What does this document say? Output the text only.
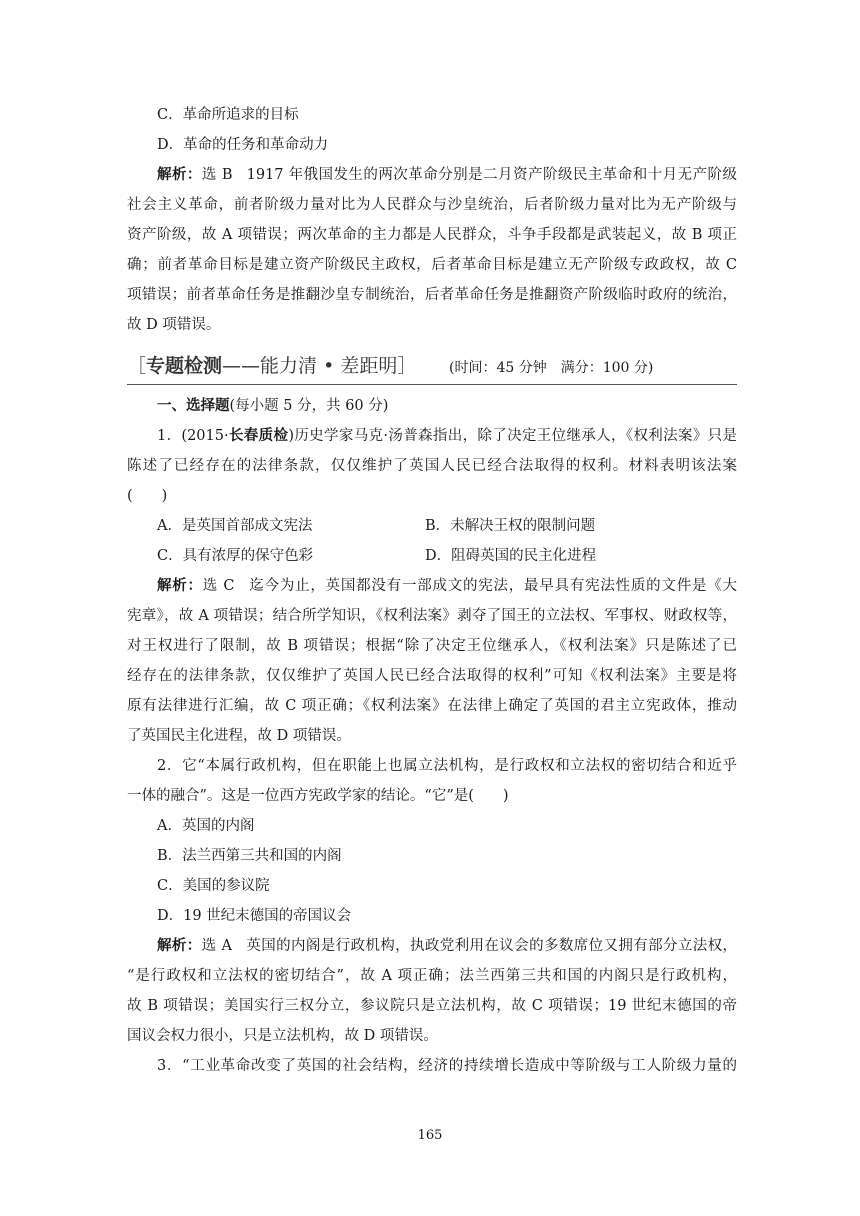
C．革命所追求的目标
D．革命的任务和革命动力
解析：选 B 1917 年俄国发生的两次革命分别是二月资产阶级民主革命和十月无产阶级
社会主义革命，前者阶级力量对比为人民群众与沙皇统治，后者阶级力量对比为无产阶级与
资产阶级，故 A 项错误；两次革命的主力都是人民群众，斗争手段都是武装起义，故 B 项正
确；前者革命目标是建立资产阶级民主政权，后者革命目标是建立无产阶级专政政权，故 C
项错误；前者革命任务是推翻沙皇专制统治，后者革命任务是推翻资产阶级临时政府的统治，
故 D 项错误。
［专题检测——能力清 • 差距明］ (时间：45 分钟　满分：100 分)
一、选择题(每小题 5 分，共 60 分)
1．(2015·长春质检)历史学家马克·汤普森指出，除了决定王位继承人，《权利法案》只是
陈述了已经存在的法律条款，仅仅维护了英国人民已经合法取得的权利。材料表明该法案
(　　)
A．是英国首部成文宪法	B．未解决王权的限制问题
C．具有浓厚的保守色彩	D．阻碍英国的民主化进程
解析：选 C 迄今为止，英国都没有一部成文的宪法，最早具有宪法性质的文件是《大
宪章》，故 A 项错误；结合所学知识，《权利法案》剥夺了国王的立法权、军事权、财政权等，
对王权进行了限制，故 B 项错误；根据“除了决定王位继承人，《权利法案》只是陈述了已
经存在的法律条款，仅仅维护了英国人民已经合法取得的权利”可知《权利法案》主要是将
原有法律进行汇编，故 C 项正确；《权利法案》在法律上确定了英国的君主立宪政体，推动
了英国民主化进程，故 D 项错误。
2．它“本属行政机构，但在职能上也属立法机构，是行政权和立法权的密切结合和近乎
一体的融合”。这是一位西方宪政学家的结论。“它”是(　　)
A．英国的内阁
B．法兰西第三共和国的内阁
C．美国的参议院
D．19 世纪末德国的帝国议会
解析：选 A 英国的内阁是行政机构，执政党利用在议会的多数席位又拥有部分立法权，
“是行政权和立法权的密切结合”，故 A 项正确；法兰西第三共和国的内阁只是行政机构，
故 B 项错误；美国实行三权分立，参议院只是立法机构，故 C 项错误；19 世纪末德国的帝
国议会权力很小，只是立法机构，故 D 项错误。
3．“工业革命改变了英国的社会结构，经济的持续增长造成中等阶级与工人阶级力量的
165
